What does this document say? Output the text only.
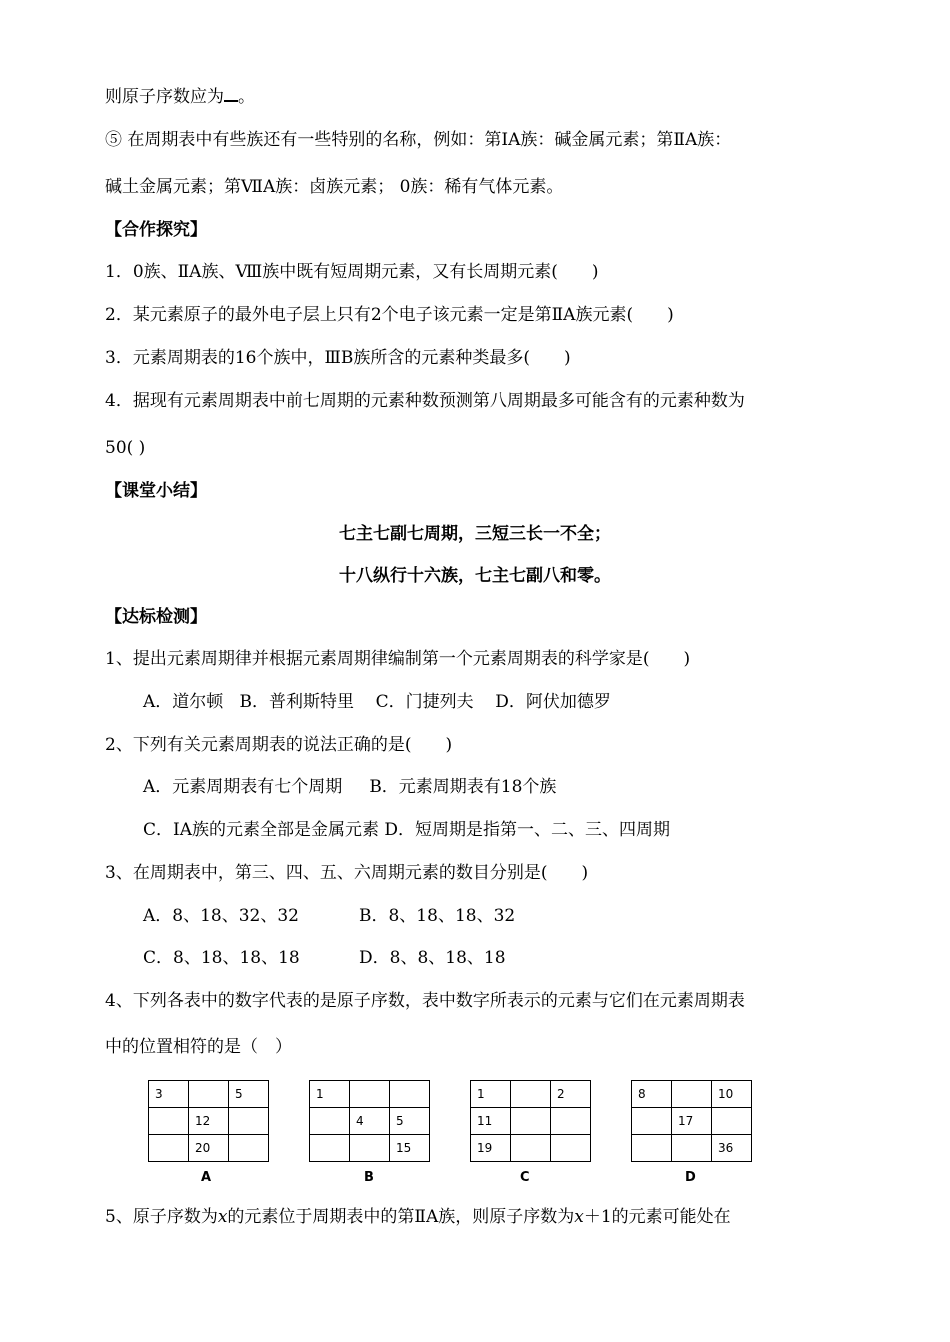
则原子序数应为 。
⑤ 在周期表中有些族还有一些特别的名称，例如：第ⅠA族：碱金属元素；第ⅡA族：
碱土金属元素；第ⅦA族：卤族元素； 0族：稀有气体元素。
【合作探究】
1．0族、ⅡA族、Ⅷ族中既有短周期元素，又有长周期元素(　　)
2．某元素原子的最外电子层上只有2个电子该元素一定是第ⅡA族元素(　　)
3．元素周期表的16个族中，ⅢB族所含的元素种类最多(　　)
4．据现有元素周期表中前七周期的元素种数预测第八周期最多可能含有的元素种数为
50( )
【课堂小结】
七主七副七周期，三短三长一不全；
十八纵行十六族，七主七副八和零。
【达标检测】
1、提出元素周期律并根据元素周期律编制第一个元素周期表的科学家是(　　)
A．道尔顿 B．普利斯特里 C．门捷列夫 D．阿伏加德罗
2、下列有关元素周期表的说法正确的是(　　)
A．元素周期表有七个周期 B．元素周期表有18个族
C．IA族的元素全部是金属元素 D．短周期是指第一、二、三、四周期
3、在周期表中，第三、四、五、六周期元素的数目分别是(　　)
A．8、18、32、32	B．8、18、18、32
C．8、18、18、18	D．8、8、18、18
4、下列各表中的数字代表的是原子序数，表中数字所表示的元素与它们在元素周期表
中的位置相符的是（　）
3		5
	12	
	20	
A
1		
	4	5
		15
B
1		2
11		
19		
C
8		10
	17	
		36
D
5、原子序数为x的元素位于周期表中的第ⅡA族，则原子序数为x＋1的元素可能处在
